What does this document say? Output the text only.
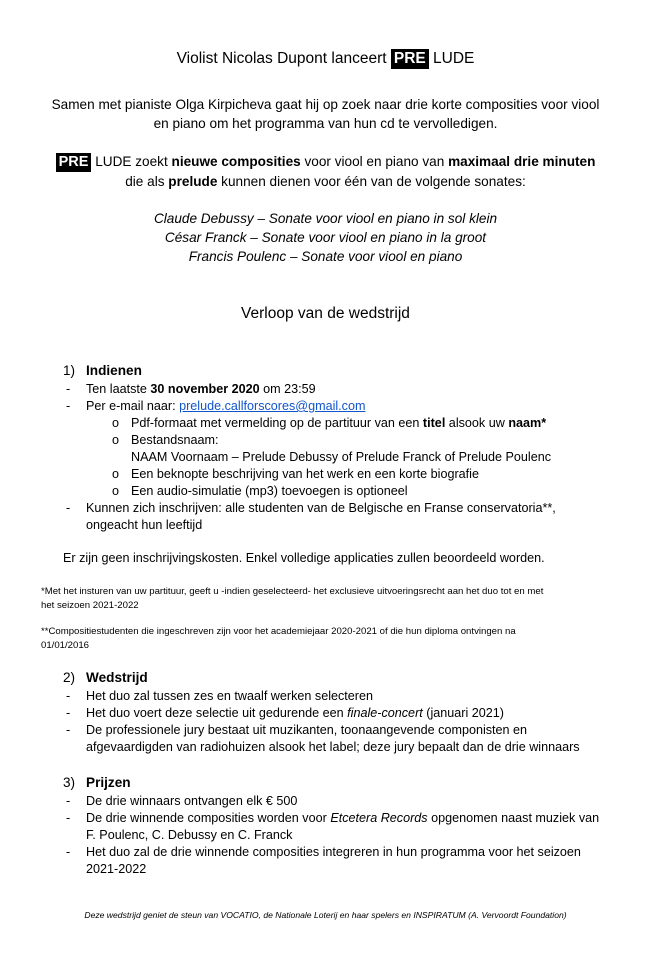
Violist Nicolas Dupont lanceert PRE LUDE
Samen met pianiste Olga Kirpicheva gaat hij op zoek naar drie korte composities voor viool
en piano om het programma van hun cd te vervolledigen.
PRE LUDE zoekt nieuwe composities voor viool en piano van maximaal drie minuten
die als prelude kunnen dienen voor één van de volgende sonates:
Claude Debussy – Sonate voor viool en piano in sol klein
César Franck – Sonate voor viool en piano in la groot
Francis Poulenc – Sonate voor viool en piano
Verloop van de wedstrijd
1) Indienen
- Ten laatste 30 november 2020 om 23:59
- Per e-mail naar: prelude.callforscores@gmail.com
o Pdf-formaat met vermelding op de partituur van een titel alsook uw naam*
o Bestandsnaam:
NAAM Voornaam – Prelude Debussy of Prelude Franck of Prelude Poulenc
o Een beknopte beschrijving van het werk en een korte biografie
o Een audio-simulatie (mp3) toevoegen is optioneel
- Kunnen zich inschrijven: alle studenten van de Belgische en Franse conservatoria**,
ongeacht hun leeftijd
Er zijn geen inschrijvingskosten. Enkel volledige applicaties zullen beoordeeld worden.
*Met het insturen van uw partituur, geeft u -indien geselecteerd- het exclusieve uitvoeringsrecht aan het duo tot en met
het seizoen 2021-2022
**Compositiestudenten die ingeschreven zijn voor het academiejaar 2020-2021 of die hun diploma ontvingen na
01/01/2016
2) Wedstrijd
- Het duo zal tussen zes en twaalf werken selecteren
- Het duo voert deze selectie uit gedurende een finale-concert (januari 2021)
- De professionele jury bestaat uit muzikanten, toonaangevende componisten en
afgevaardigden van radiohuizen alsook het label; deze jury bepaalt dan de drie winnaars
3) Prijzen
- De drie winnaars ontvangen elk € 500
- De drie winnende composities worden voor Etcetera Records opgenomen naast muziek van
F. Poulenc, C. Debussy en C. Franck
- Het duo zal de drie winnende composities integreren in hun programma voor het seizoen
2021-2022
Deze wedstrijd geniet de steun van VOCATIO, de Nationale Loterij en haar spelers en INSPIRATUM (A. Vervoordt Foundation)
